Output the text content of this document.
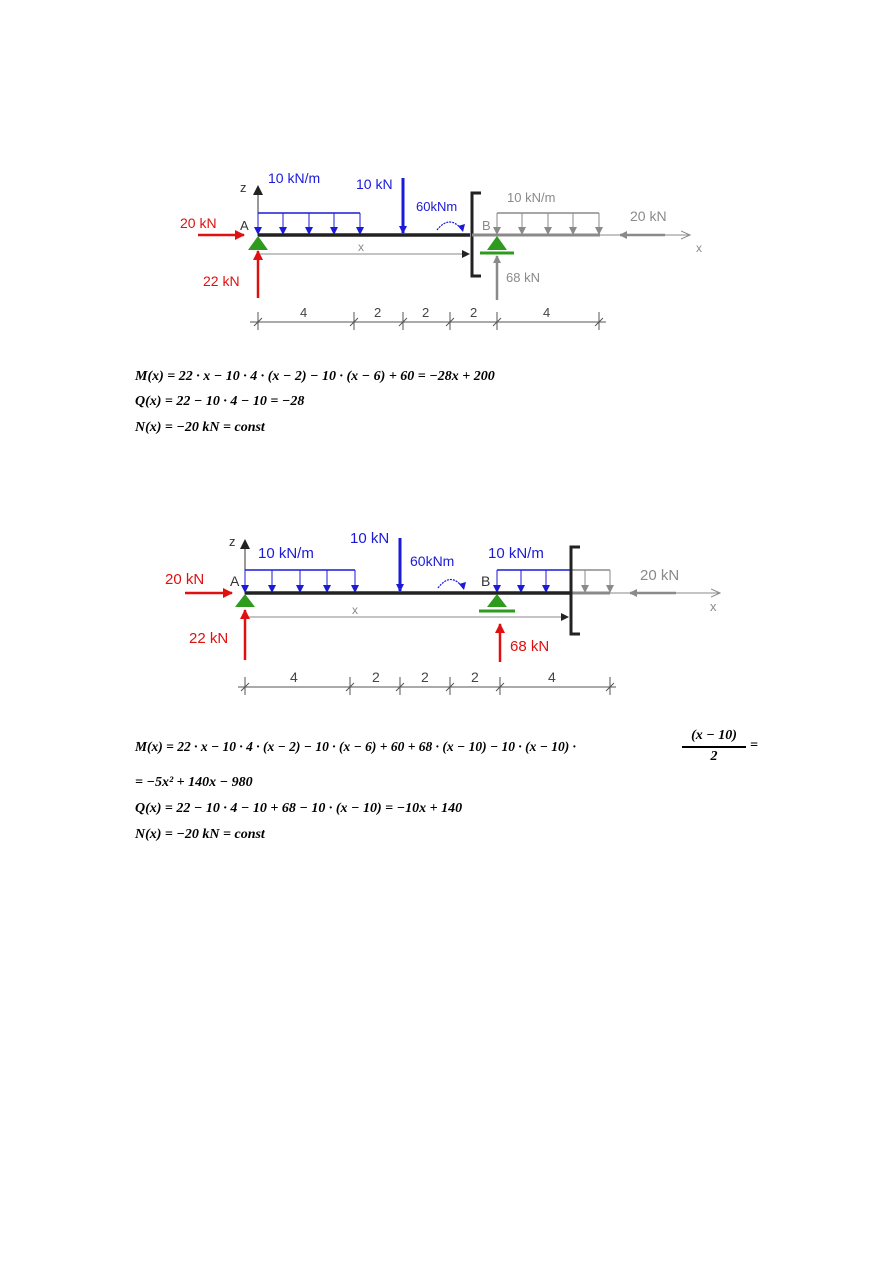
z
10 kN/m	10 kN
60kNm
10 kN/m
20 kN
x
x
20 kN A	B
22 kN	68 kN
4	2	2	2	4
M(x) = 22 · x − 10 · 4 · (x − 2) − 10 · (x − 6) + 60 = −28x + 200
Q(x) = 22 − 10 · 4 − 10 = −28
N(x) = −20 kN = const
z
10 kN/m
10 kN
60kNm 10 kN/m
20 kN
x
x
20 kN A	B
22 kN	68 kN
4	2	2	2	4
M(x) = 22 · x − 10 · 4 · (x − 2) − 10 · (x − 6) + 60 + 68 · (x − 10) − 10 · (x − 10) ·
(x − 10)
2
=
= −5x² + 140x − 980
Q(x) = 22 − 10 · 4 − 10 + 68 − 10 · (x − 10) = −10x + 140
N(x) = −20 kN = const
